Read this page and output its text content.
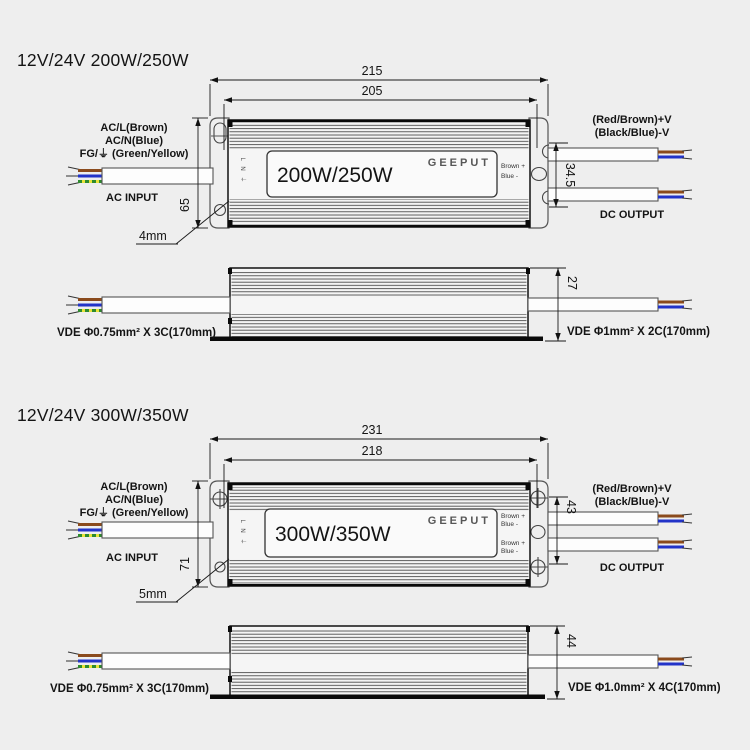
12V/24V 200W/250W
200W/250W
GEEPUT
L N ⏚	Brown +
Blue -
AC/L(Brown)
AC/N(Blue)
FG/⏚ (Green/Yellow)
AC INPUT
(Red/Brown)+V
(Black/Blue)-V
DC OUTPUT
215
205
34.5
65
4mm
27
VDE Φ0.75mm² X 3C(170mm)	VDE Φ1mm² X 2C(170mm)
12V/24V 300W/350W
300W/350W
GEEPUT
L N ⏚
Brown +
Blue -
Brown +
Blue -
AC/L(Brown)
AC/N(Blue)
FG/⏚ (Green/Yellow)
AC INPUT
(Red/Brown)+V
(Black/Blue)-V
DC OUTPUT
231
218
43
71
5mm
44
VDE Φ0.75mm² X 3C(170mm)	VDE Φ1.0mm² X 4C(170mm)
